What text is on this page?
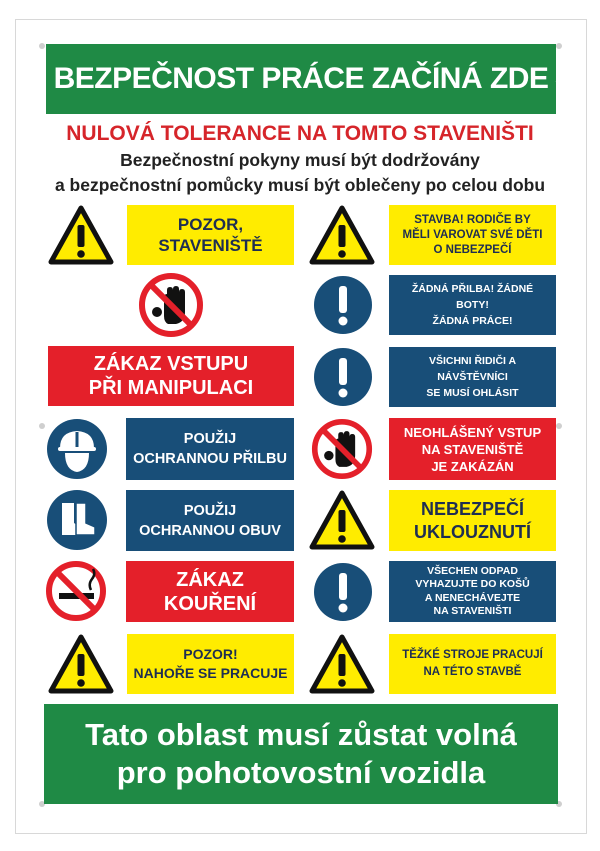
✓ BEZPEČNOST PRÁCE ZAČÍNÁ ZDE ✓
NULOVÁ TOLERANCE NA TOMTO STAVENIŠTI
Bezpečnostní pokyny musí být dodržovány
a bezpečnostní pomůcky musí být oblečeny po celou dobu
POZOR,
STAVENIŠTĚ
ZÁKAZ VSTUPU
PŘI MANIPULACI
POUŽIJ
OCHRANNOU PŘILBU
POUŽIJ
OCHRANNOU OBUV
ZÁKAZ
KOUŘENÍ
POZOR!
NAHOŘE SE PRACUJE
STAVBA! RODIČE BY
MĚLI VAROVAT SVÉ DĚTI
O NEBEZPEČÍ
ŽÁDNÁ PŘILBA! ŽÁDNÉ BOTY!
ŽÁDNÁ PRÁCE!
VŠICHNI ŘIDIČI A NÁVŠTĚVNÍCI
SE MUSÍ OHLÁSIT
NEOHLÁŠENÝ VSTUP
NA STAVENIŠTĚ
JE ZAKÁZÁN
NEBEZPEČÍ
UKLOUZNUTÍ
VŠECHEN ODPAD
VYHAZUJTE DO KOŠŮ
A NENECHÁVEJTE
NA STAVENIŠTI
TĚŽKÉ STROJE PRACUJÍ
NA TÉTO STAVBĚ
Tato oblast musí zůstat volná
pro pohotovostní vozidla
